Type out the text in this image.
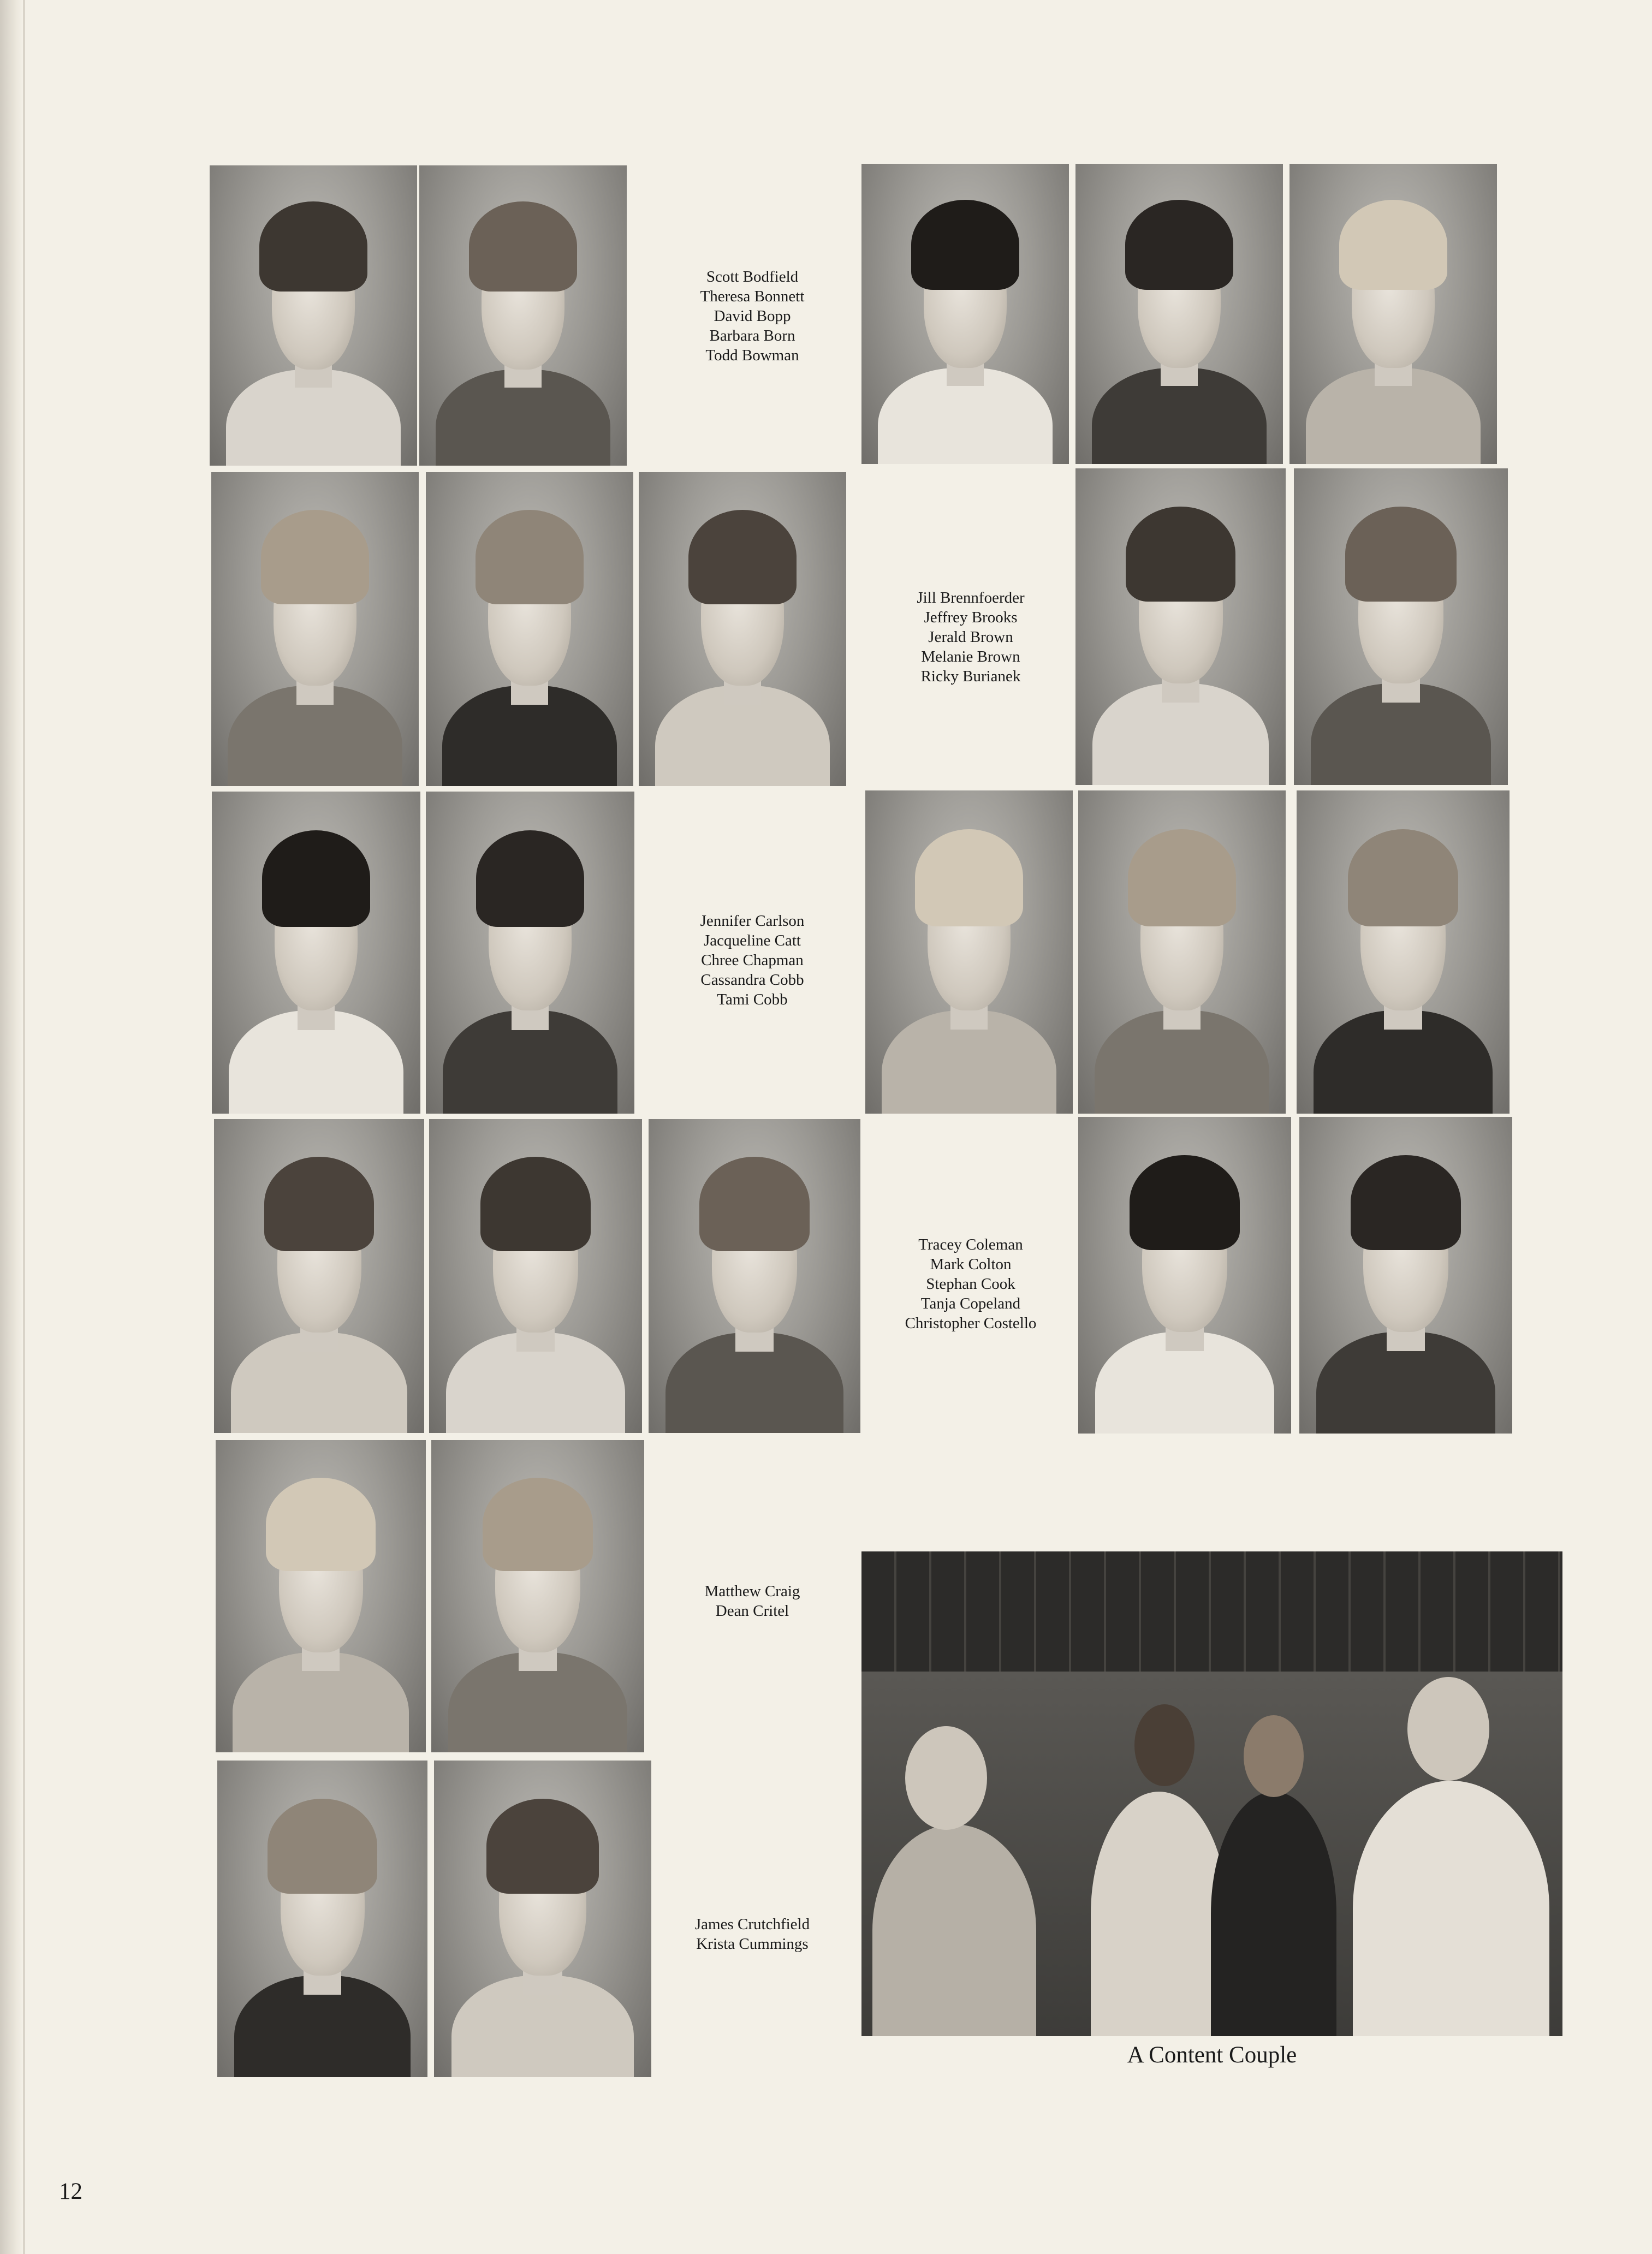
Scott Bodfield
Theresa Bonnett
David Bopp
Barbara Born
Todd Bowman
Jill Brennfoerder
Jeffrey Brooks
Jerald Brown
Melanie Brown
Ricky Burianek
Jennifer Carlson
Jacqueline Catt
Chree Chapman
Cassandra Cobb
Tami Cobb
Tracey Coleman
Mark Colton
Stephan Cook
Tanja Copeland
Christopher Costello
Matthew Craig
Dean Critel
James Crutchfield
Krista Cummings
A Content Couple
12
